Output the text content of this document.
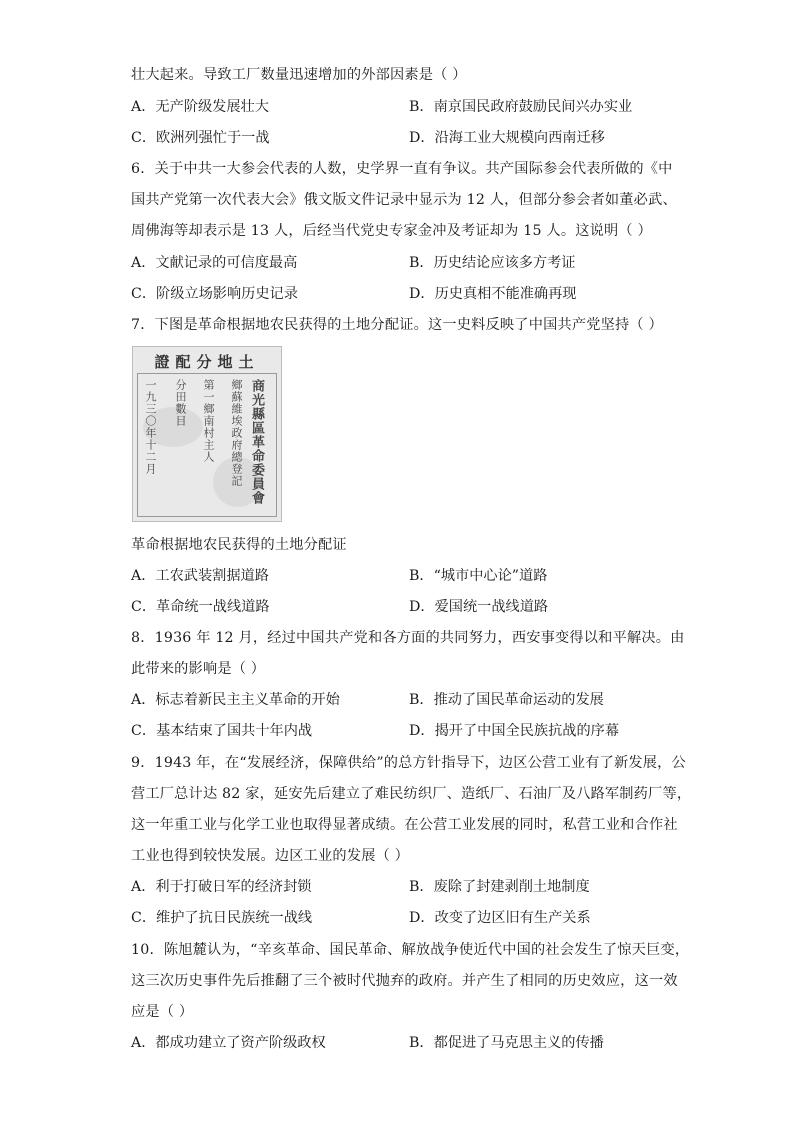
壮大起来。导致工厂数量迅速增加的外部因素是（ ）
A．无产阶级发展壮大	B．南京国民政府鼓励民间兴办实业
C．欧洲列强忙于一战	D．沿海工业大规模向西南迁移
6．关于中共一大参会代表的人数，史学界一直有争议。共产国际参会代表所做的《中
国共产党第一次代表大会》俄文版文件记录中显示为 12 人，但部分参会者如董必武、
周佛海等却表示是 13 人，后经当代党史专家金冲及考证却为 15 人。这说明（ ）
A．文献记录的可信度最高	B．历史结论应该多方考证
C．阶级立场影响历史记录	D．历史真相不能准确再现
7．下图是革命根据地农民获得的土地分配证。这一史料反映了中国共产党坚持（ ）
證配分地土
商光縣區革命委員會
鄉蘇維埃政府總登記
第一鄉南村主人
分田數目
一九三〇年十二月
革命根据地农民获得的土地分配证
A．工农武装割据道路	B．“城市中心论”道路
C．革命统一战线道路	D．爱国统一战线道路
8．1936 年 12 月，经过中国共产党和各方面的共同努力，西安事变得以和平解决。由
此带来的影响是（ ）
A．标志着新民主主义革命的开始	B．推动了国民革命运动的发展
C．基本结束了国共十年内战	D．揭开了中国全民族抗战的序幕
9．1943 年，在“发展经济，保障供给”的总方针指导下，边区公营工业有了新发展，公
营工厂总计达 82 家，延安先后建立了难民纺织厂、造纸厂、石油厂及八路军制药厂等，
这一年重工业与化学工业也取得显著成绩。在公营工业发展的同时，私营工业和合作社
工业也得到较快发展。边区工业的发展（ ）
A．利于打破日军的经济封锁	B．废除了封建剥削土地制度
C．维护了抗日民族统一战线	D．改变了边区旧有生产关系
10．陈旭麓认为，“辛亥革命、国民革命、解放战争使近代中国的社会发生了惊天巨变，
这三次历史事件先后推翻了三个被时代抛弃的政府。并产生了相同的历史效应，这一效
应是（ ）
A．都成功建立了资产阶级政权	B．都促进了马克思主义的传播
